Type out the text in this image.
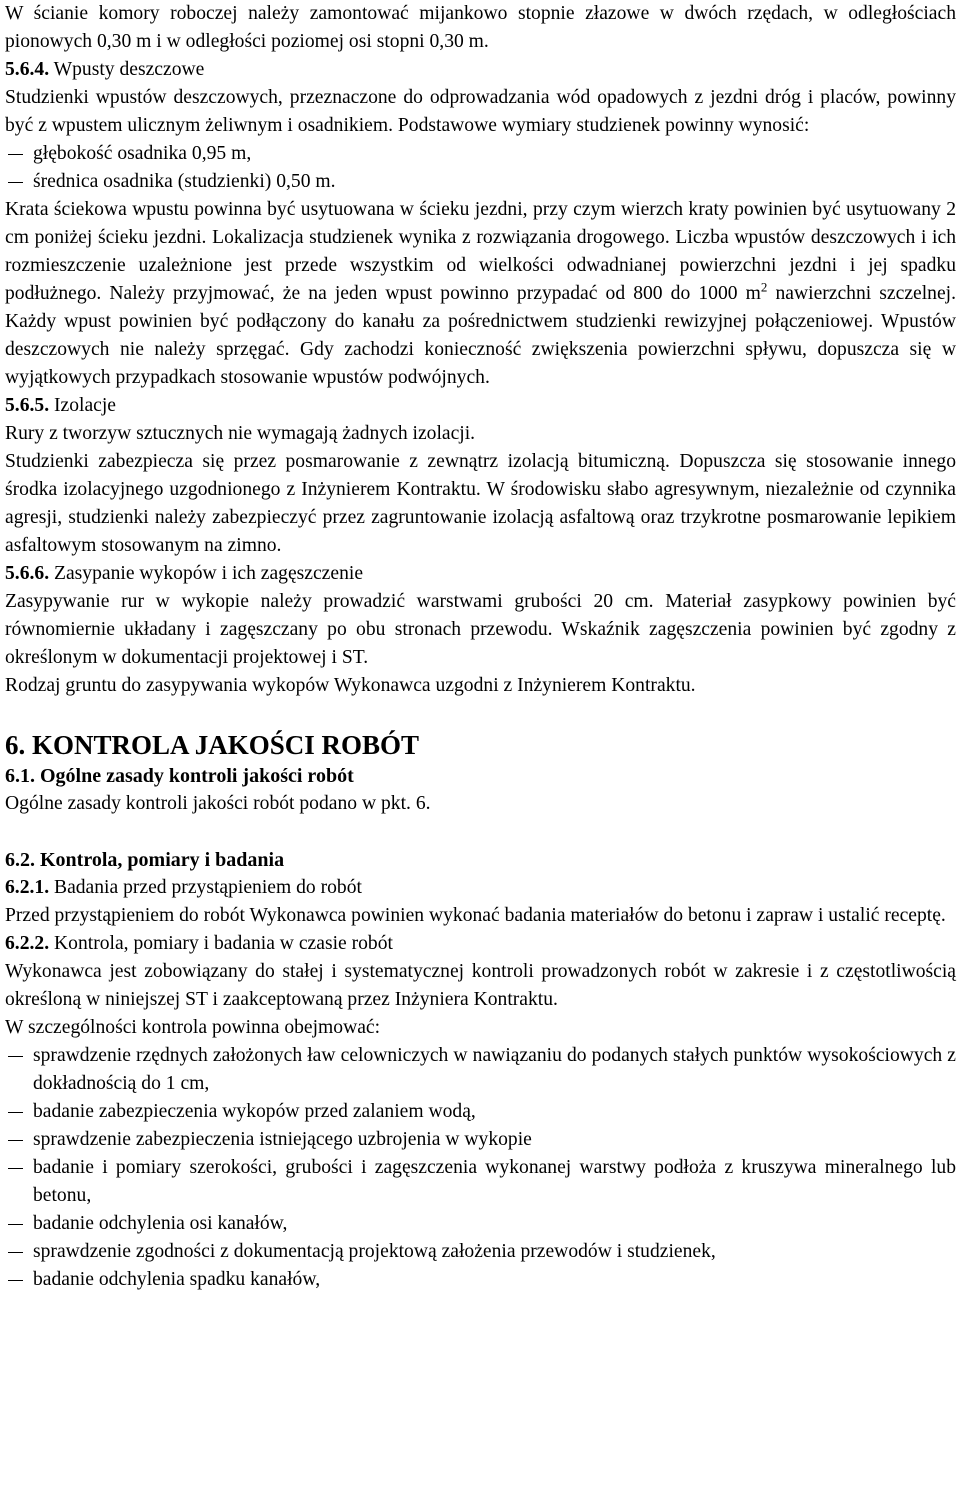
W ścianie komory roboczej należy zamontować mijankowo stopnie złazowe w dwóch rzędach, w odległościach pionowych 0,30 m i w odległości poziomej osi stopni 0,30 m.

5.6.4. Wpusty deszczowe

Studzienki wpustów deszczowych, przeznaczone do odprowadzania wód opadowych z jezdni dróg i placów, powinny być z wpustem ulicznym żeliwnym i osadnikiem. Podstawowe wymiary studzienek powinny wynosić:

głębokość osadnika 0,95 m,
średnica osadnika (studzienki) 0,50 m.

Krata ściekowa wpustu powinna być usytuowana w ścieku jezdni, przy czym wierzch kraty powinien być usytuowany 2 cm poniżej ścieku jezdni. Lokalizacja studzienek wynika z rozwiązania drogowego. Liczba wpustów deszczowych i ich rozmieszczenie uzależnione jest przede wszystkim od wielkości odwadnianej powierzchni jezdni i jej spadku podłużnego. Należy przyjmować, że na jeden wpust powinno przypadać od 800 do 1000 $m^2$ nawierzchni szczelnej. Każdy wpust powinien być podłączony do kanału za pośrednictwem studzienki rewizyjnej połączeniowej. Wpustów deszczowych nie należy sprzęgać. Gdy zachodzi konieczność zwiększenia powierzchni spływu, dopuszcza się w wyjątkowych przypadkach stosowanie wpustów podwójnych.

5.6.5. Izolacje

Rury z tworzyw sztucznych nie wymagają żadnych izolacji.

Studzienki zabezpiecza się przez posmarowanie z zewnątrz izolacją bitumiczną. Dopuszcza się stosowanie innego środka izolacyjnego uzgodnionego z Inżynierem Kontraktu. W środowisku słabo agresywnym, niezależnie od czynnika agresji, studzienki należy zabezpieczyć przez zagruntowanie izolacją asfaltową oraz trzykrotne posmarowanie lepikiem asfaltowym stosowanym na zimno.

5.6.6. Zasypanie wykopów i ich zagęszczenie

Zasypywanie rur w wykopie należy prowadzić warstwami grubości 20 cm. Materiał zasypkowy powinien być równomiernie układany i zagęszczany po obu stronach przewodu. Wskaźnik zagęszczenia powinien być zgodny z określonym w dokumentacji projektowej i ST.

Rodzaj gruntu do zasypywania wykopów Wykonawca uzgodni z Inżynierem Kontraktu.

6. KONTROLA JAKOŚCI ROBÓT
6.1. Ogólne zasady kontroli jakości robót

Ogólne zasady kontroli jakości robót podano w pkt. 6.

6.2. Kontrola, pomiary i badania

6.2.1. Badania przed przystąpieniem do robót

Przed przystąpieniem do robót Wykonawca powinien wykonać badania materiałów do betonu i zapraw i ustalić receptę.

6.2.2. Kontrola, pomiary i badania w czasie robót

Wykonawca jest zobowiązany do stałej i systematycznej kontroli prowadzonych robót w zakresie i z częstotliwością określoną w niniejszej ST i zaakceptowaną przez Inżyniera Kontraktu.

W szczególności kontrola powinna obejmować:

sprawdzenie rzędnych założonych ław celowniczych w nawiązaniu do podanych stałych punktów wysokościowych z dokładnością do 1 cm,
badanie zabezpieczenia wykopów przed zalaniem wodą,
sprawdzenie zabezpieczenia istniejącego uzbrojenia w wykopie
badanie i pomiary szerokości, grubości i zagęszczenia wykonanej warstwy podłoża z kruszywa mineralnego lub betonu,
badanie odchylenia osi kanałów,
sprawdzenie zgodności z dokumentacją projektową założenia przewodów i studzienek,
badanie odchylenia spadku kanałów,
